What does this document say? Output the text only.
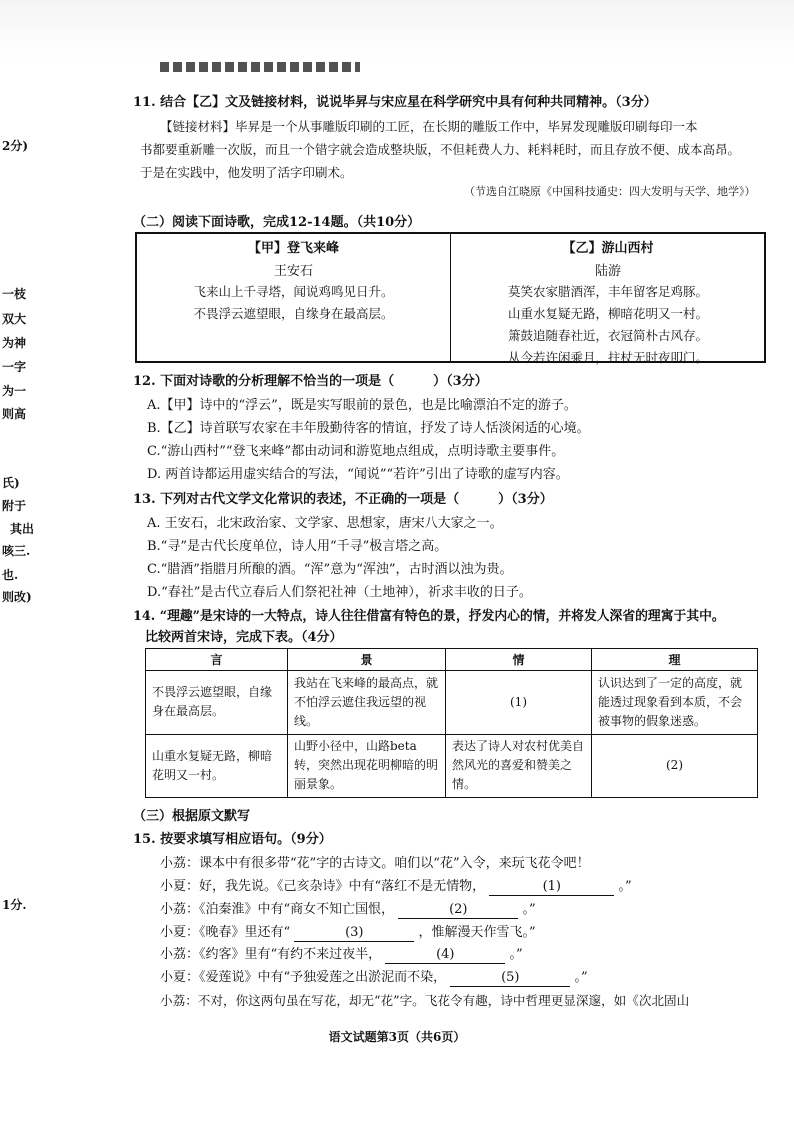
2分)
一枝
双大
为神
一字
为一
则高
氏)
附于
其出
咳三.
也.
则改)
1分.
11. 结合【乙】文及链接材料，说说毕昇与宋应星在科学研究中具有何种共同精神。（3分）
【链接材料】毕昇是一个从事雕版印刷的工匠，在长期的雕版工作中，毕昇发现雕版印刷每印一本
书都要重新雕一次版，而且一个错字就会造成整块版，不但耗费人力、耗料耗时，而且存放不便、成本高昂。
于是在实践中，他发明了活字印刷术。
（节选自江晓原《中国科技通史：四大发明与天学、地学》）
（二）阅读下面诗歌，完成12-14题。（共10分）
【甲】登飞来峰
王安石
飞来山上千寻塔，闻说鸡鸣见日升。
不畏浮云遮望眼，自缘身在最高层。
【乙】游山西村
陆游
莫笑农家腊酒浑，丰年留客足鸡豚。
山重水复疑无路，柳暗花明又一村。
箫鼓追随春社近，衣冠简朴古风存。
从今若许闲乘月，拄杖无时夜叩门。
12. 下面对诗歌的分析理解不恰当的一项是（　　　）（3分）
A.【甲】诗中的“浮云”，既是实写眼前的景色，也是比喻漂泊不定的游子。
B.【乙】诗首联写农家在丰年殷勤待客的情谊，抒发了诗人恬淡闲适的心境。
C.“游山西村”“登飞来峰”都由动词和游览地点组成，点明诗歌主要事件。
D. 两首诗都运用虚实结合的写法，“闻说”“若许”引出了诗歌的虚写内容。
13. 下列对古代文学文化常识的表述，不正确的一项是（　　　）（3分）
A. 王安石，北宋政治家、文学家、思想家，唐宋八大家之一。
B.“寻”是古代长度单位，诗人用“千寻”极言塔之高。
C.“腊酒”指腊月所酿的酒。“浑”意为“浑浊”，古时酒以浊为贵。
D.“春社”是古代立春后人们祭祀社神（土地神），祈求丰收的日子。
14. “理趣”是宋诗的一大特点，诗人往往借富有特色的景，抒发内心的情，并将发人深省的理寓于其中。
比较两首宋诗，完成下表。（4分）
言	景	情	理
不畏浮云遮望眼，自缘身在最高层。	我站在飞来峰的最高点，就不怕浮云遮住我远望的视线。	(1)	认识达到了一定的高度，就能透过现象看到本质，不会被事物的假象迷惑。
山重水复疑无路，柳暗花明又一村。	山野小径中，山路beta转，突然出现花明柳暗的明丽景象。	表达了诗人对农村优美自然风光的喜爱和赞美之情。	(2)
（三）根据原文默写
15. 按要求填写相应语句。（9分）
小荔：课本中有很多带“花”字的古诗文。咱们以“花”入令，来玩飞花令吧！
小夏：好，我先说。《己亥杂诗》中有“落红不是无情物，	(1)	。”
小荔：《泊秦淮》中有“商女不知亡国恨，	(2)	。”
小夏：《晚春》里还有“	(3)	，惟解漫天作雪飞。”
小荔：《约客》里有“有约不来过夜半，	(4)	。”
小夏：《爱莲说》中有“予独爱莲之出淤泥而不染，	(5)	。”
小荔：不对，你这两句虽在写花，却无“花”字。飞花令有趣，诗中哲理更显深邃，如《次北固山
语文试题第3页（共6页）
